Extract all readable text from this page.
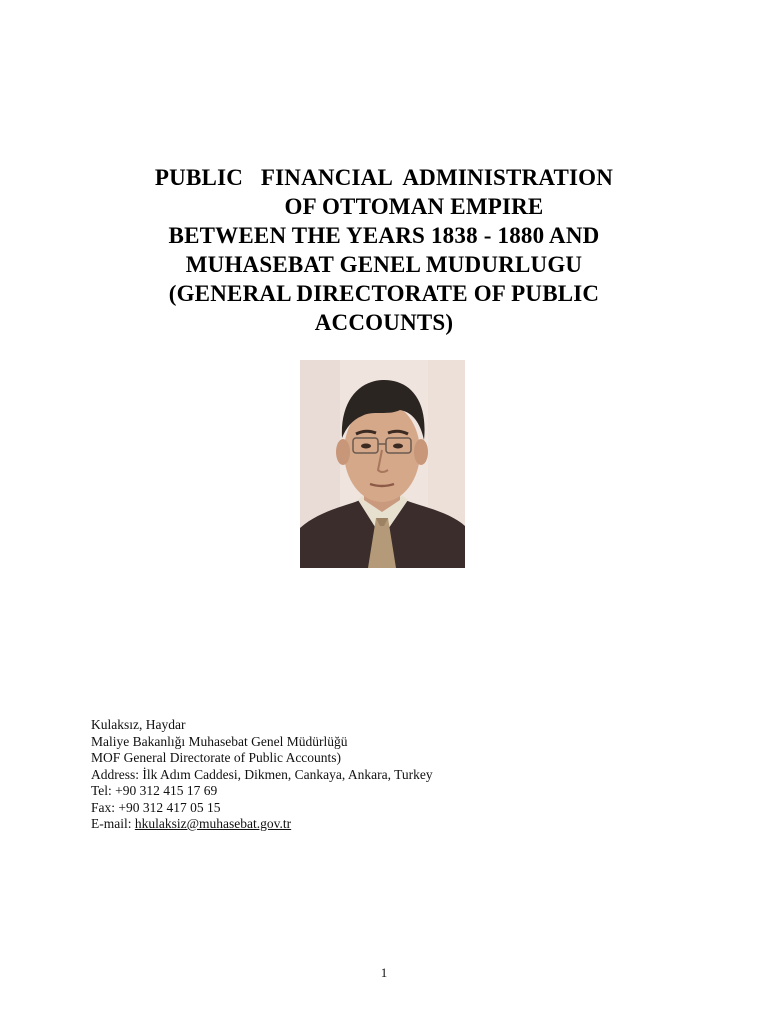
PUBLIC   FINANCIAL  ADMINISTRATION
OF OTTOMAN EMPIRE
BETWEEN THE YEARS 1838 - 1880 AND
MUHASEBAT GENEL MUDURLUGU
(GENERAL DIRECTORATE OF PUBLIC
ACCOUNTS)
Kulaksız, Haydar
Maliye Bakanlığı Muhasebat Genel Müdürlüğü
MOF General Directorate of Public Accounts)
Address: İlk Adım Caddesi, Dikmen, Cankaya, Ankara, Turkey
Tel: +90 312 415 17 69
Fax: +90 312 417 05 15
E-mail: hkulaksiz@muhasebat.gov.tr
1
